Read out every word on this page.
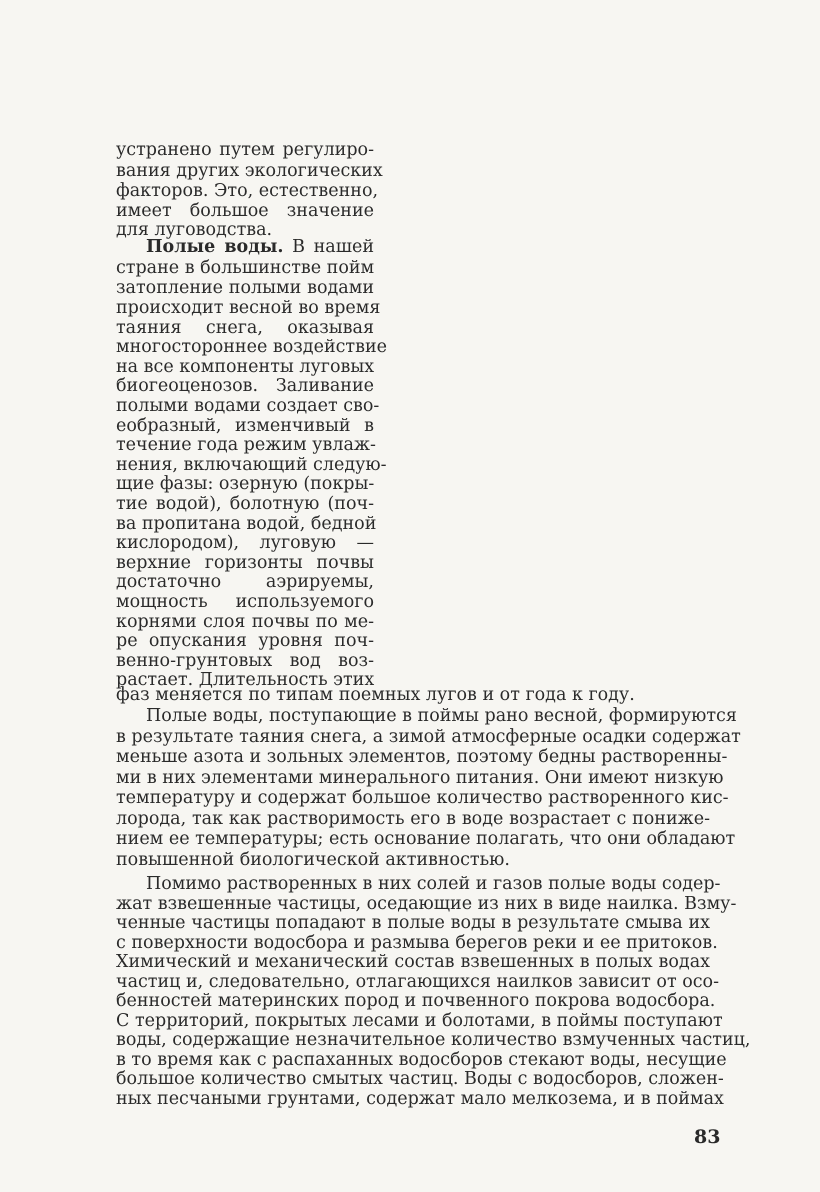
устранено путем регулиро-
вания других экологических
факторов. Это, естественно,
имеет большое значение
для луговодства.
Полые воды. В нашей
стране в большинстве пойм
затопление полыми водами
происходит весной во время
таяния снега, оказывая
многостороннее воздействие
на все компоненты луговых
биогеоценозов. Заливание
полыми водами создает сво-
еобразный, изменчивый в
течение года режим увлаж-
нения, включающий следую-
щие фазы: озерную (покры-
тие водой), болотную (поч-
ва пропитана водой, бедной
кислородом), луговую —
верхние горизонты почвы
достаточно аэрируемы,
мощность используемого
корнями слоя почвы по ме-
ре опускания уровня поч-
венно-грунтовых вод воз-
растает. Длительность этих
фаз меняется по типам поемных лугов и от года к году.
Полые воды, поступающие в поймы рано весной, формируются
в результате таяния снега, а зимой атмосферные осадки содержат
меньше азота и зольных элементов, поэтому бедны растворенны-
ми в них элементами минерального питания. Они имеют низкую
температуру и содержат большое количество растворенного кис-
лорода, так как растворимость его в воде возрастает с понижe-
нием ее температуры; есть основание полагать, что они обладают
повышенной биологической активностью.
Помимо растворенных в них солей и газов полые воды содер-
жат взвешенные частицы, оседающие из них в виде наилка. Взму-
ченные частицы попадают в полые воды в результате смыва их
с поверхности водосбора и размыва берегов реки и ее притоков.
Химический и механический состав взвешенных в полых водах
частиц и, следовательно, отлагающихся наилков зависит от осо-
бенностей материнских пород и почвенного покрова водосбора.
С территорий, покрытых лесами и болотами, в поймы поступают
воды, содержащие незначительное количество взмученных частиц,
в то время как с распаханных водосборов стекают воды, несущие
большое количество смытых частиц. Воды с водосборов, сложен-
83
ных песчаными грунтами, содержат мало мелкозема, и в поймах
